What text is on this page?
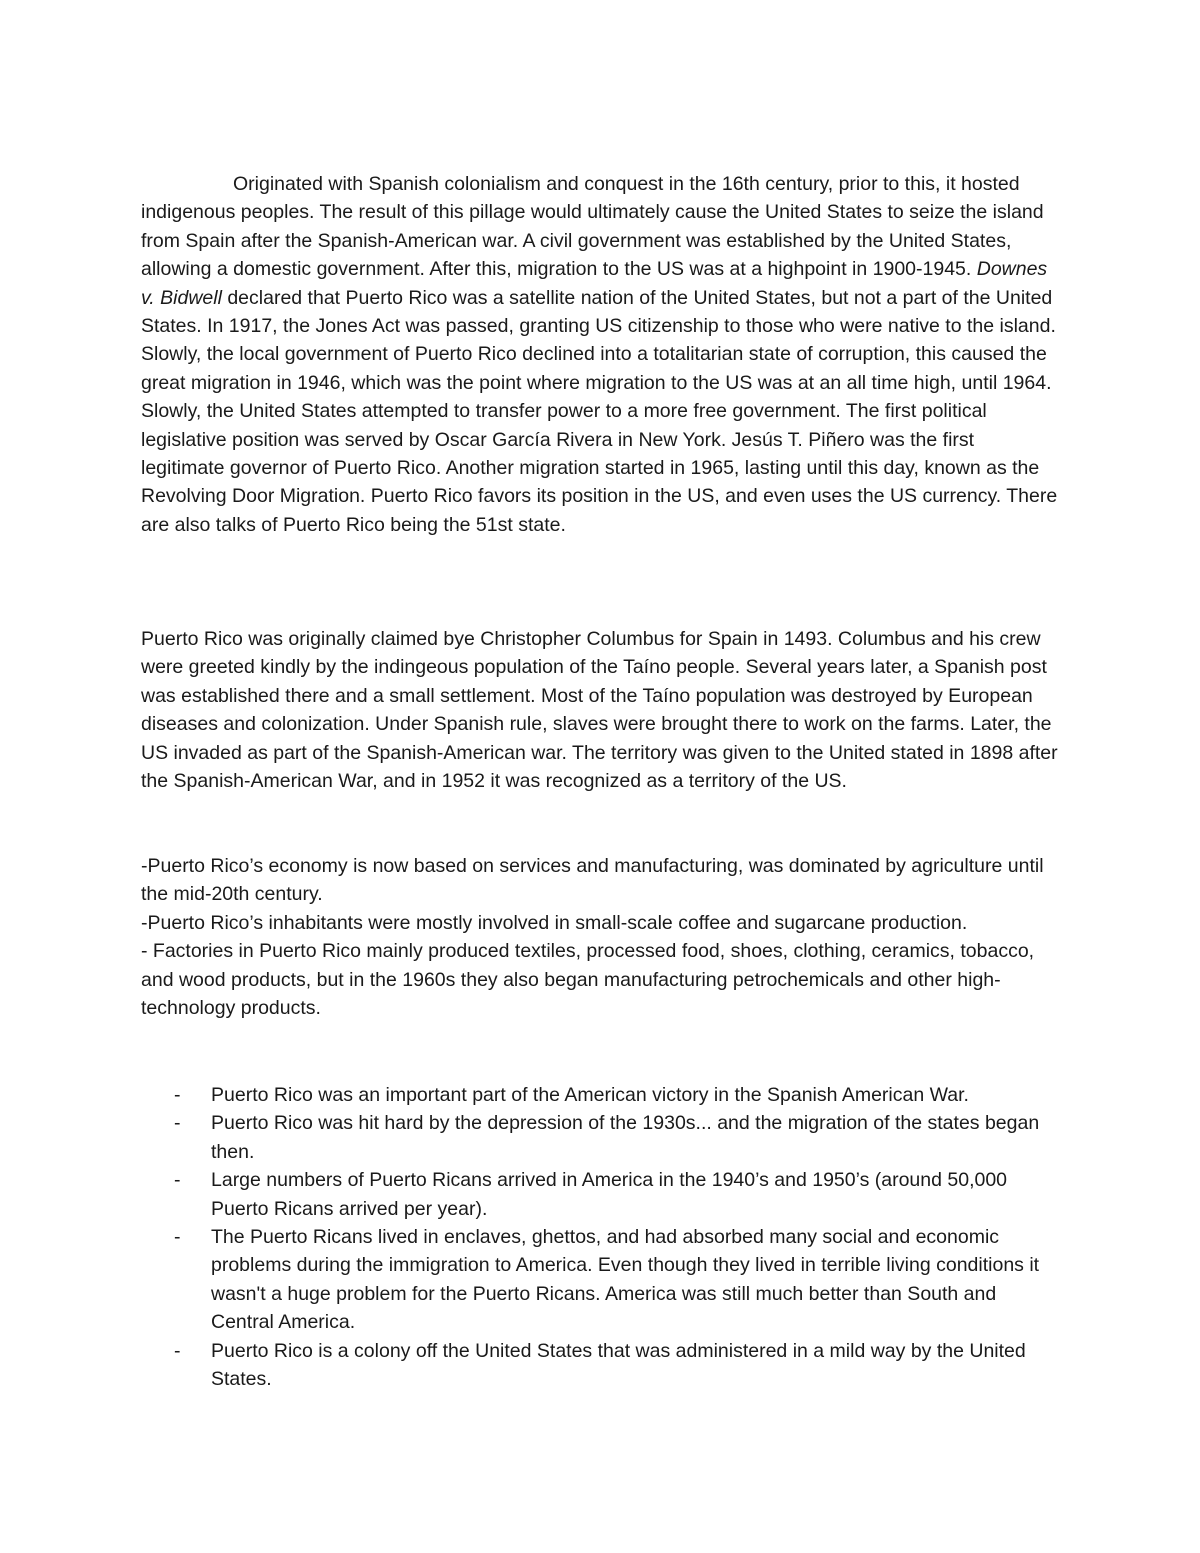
Originated with Spanish colonialism and conquest in the 16th century, prior to this, it hosted indigenous peoples. The result of this pillage would ultimately cause the United States to seize the island from Spain after the Spanish-American war. A civil government was established by the United States, allowing a domestic government. After this, migration to the US was at a highpoint in 1900-1945. Downes v. Bidwell declared that Puerto Rico was a satellite nation of the United States, but not a part of the United States. In 1917, the Jones Act was passed, granting US citizenship to those who were native to the island. Slowly, the local government of Puerto Rico declined into a totalitarian state of corruption, this caused the great migration in 1946, which was the point where migration to the US was at an all time high, until 1964. Slowly, the United States attempted to transfer power to a more free government. The first political legislative position was served by Oscar García Rivera in New York. Jesús T. Piñero was the first legitimate governor of Puerto Rico. Another migration started in 1965, lasting until this day, known as the Revolving Door Migration. Puerto Rico favors its position in the US, and even uses the US currency. There are also talks of Puerto Rico being the 51st state.

Puerto Rico was originally claimed bye Christopher Columbus for Spain in 1493. Columbus and his crew were greeted kindly by the indingeous population of the Taíno people. Several years later, a Spanish post was established there and a small settlement. Most of the Taíno population was destroyed by European diseases and colonization. Under Spanish rule, slaves were brought there to work on the farms. Later, the US invaded as part of the Spanish-American war. The territory was given to the United stated in 1898 after the Spanish-American War, and in 1952 it was recognized as a territory of the US.

-Puerto Rico’s economy is now based on services and manufacturing, was dominated by agriculture until the mid-20th century.
-Puerto Rico’s inhabitants were mostly involved in small-scale coffee and sugarcane production.
- Factories in Puerto Rico mainly produced textiles, processed food, shoes, clothing, ceramics, tobacco, and wood products, but in the 1960s they also began manufacturing petrochemicals and other high-technology products.
- Puerto Rico was an important part of the American victory in the Spanish American War.
- Puerto Rico was hit hard by the depression of the 1930s... and the migration of the states began then.
- Large numbers of Puerto Ricans arrived in America in the 1940’s and 1950’s (around 50,000 Puerto Ricans arrived per year).
- The Puerto Ricans lived in enclaves, ghettos, and had absorbed many social and economic problems during the immigration to America. Even though they lived in terrible living conditions it wasn't a huge problem for the Puerto Ricans. America was still much better than South and Central America.
- Puerto Rico is a colony off the United States that was administered in a mild way by the United States.
